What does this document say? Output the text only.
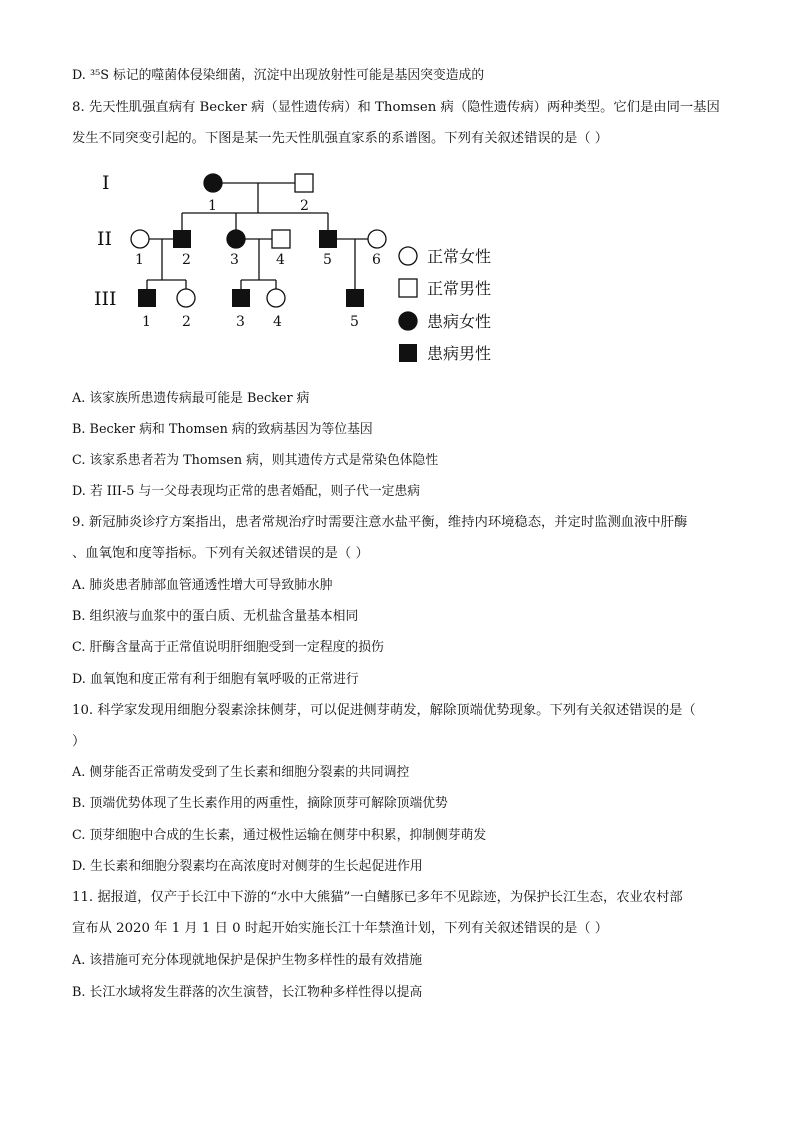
D. ³⁵S 标记的噬菌体侵染细菌，沉淀中出现放射性可能是基因突变造成的
8. 先天性肌强直病有 Becker 病（显性遗传病）和 Thomsen 病（隐性遗传病）两种类型。它们是由同一基因
发生不同突变引起的。下图是某一先天性肌强直家系的系谱图。下列有关叙述错误的是（ ）
I
II
III
1	2
1	2	3	4	5	6
1 2	3 4	5
正常女性
正常男性
患病女性
患病男性
A. 该家族所患遗传病最可能是 Becker 病
B. Becker 病和 Thomsen 病的致病基因为等位基因
C. 该家系患者若为 Thomsen 病，则其遗传方式是常染色体隐性
D. 若 III-5 与一父母表现均正常的患者婚配，则子代一定患病
9. 新冠肺炎诊疗方案指出，患者常规治疗时需要注意水盐平衡，维持内环境稳态，并定时监测血液中肝酶
、血氧饱和度等指标。下列有关叙述错误的是（ ）
A. 肺炎患者肺部血管通透性增大可导致肺水肿
B. 组织液与血浆中的蛋白质、无机盐含量基本相同
C. 肝酶含量高于正常值说明肝细胞受到一定程度的损伤
D. 血氧饱和度正常有利于细胞有氧呼吸的正常进行
10. 科学家发现用细胞分裂素涂抹侧芽，可以促进侧芽萌发，解除顶端优势现象。下列有关叙述错误的是（
）
A. 侧芽能否正常萌发受到了生长素和细胞分裂素的共同调控
B. 顶端优势体现了生长素作用的两重性，摘除顶芽可解除顶端优势
C. 顶芽细胞中合成的生长素，通过极性运输在侧芽中积累，抑制侧芽萌发
D. 生长素和细胞分裂素均在高浓度时对侧芽的生长起促进作用
11. 据报道，仅产于长江中下游的“水中大熊猫”一白鳍豚已多年不见踪迹，为保护长江生态，农业农村部
宣布从 2020 年 1 月 1 日 0 时起开始实施长江十年禁渔计划，下列有关叙述错误的是（ ）
A. 该措施可充分体现就地保护是保护生物多样性的最有效措施
B. 长江水域将发生群落的次生演替，长江物种多样性得以提高
